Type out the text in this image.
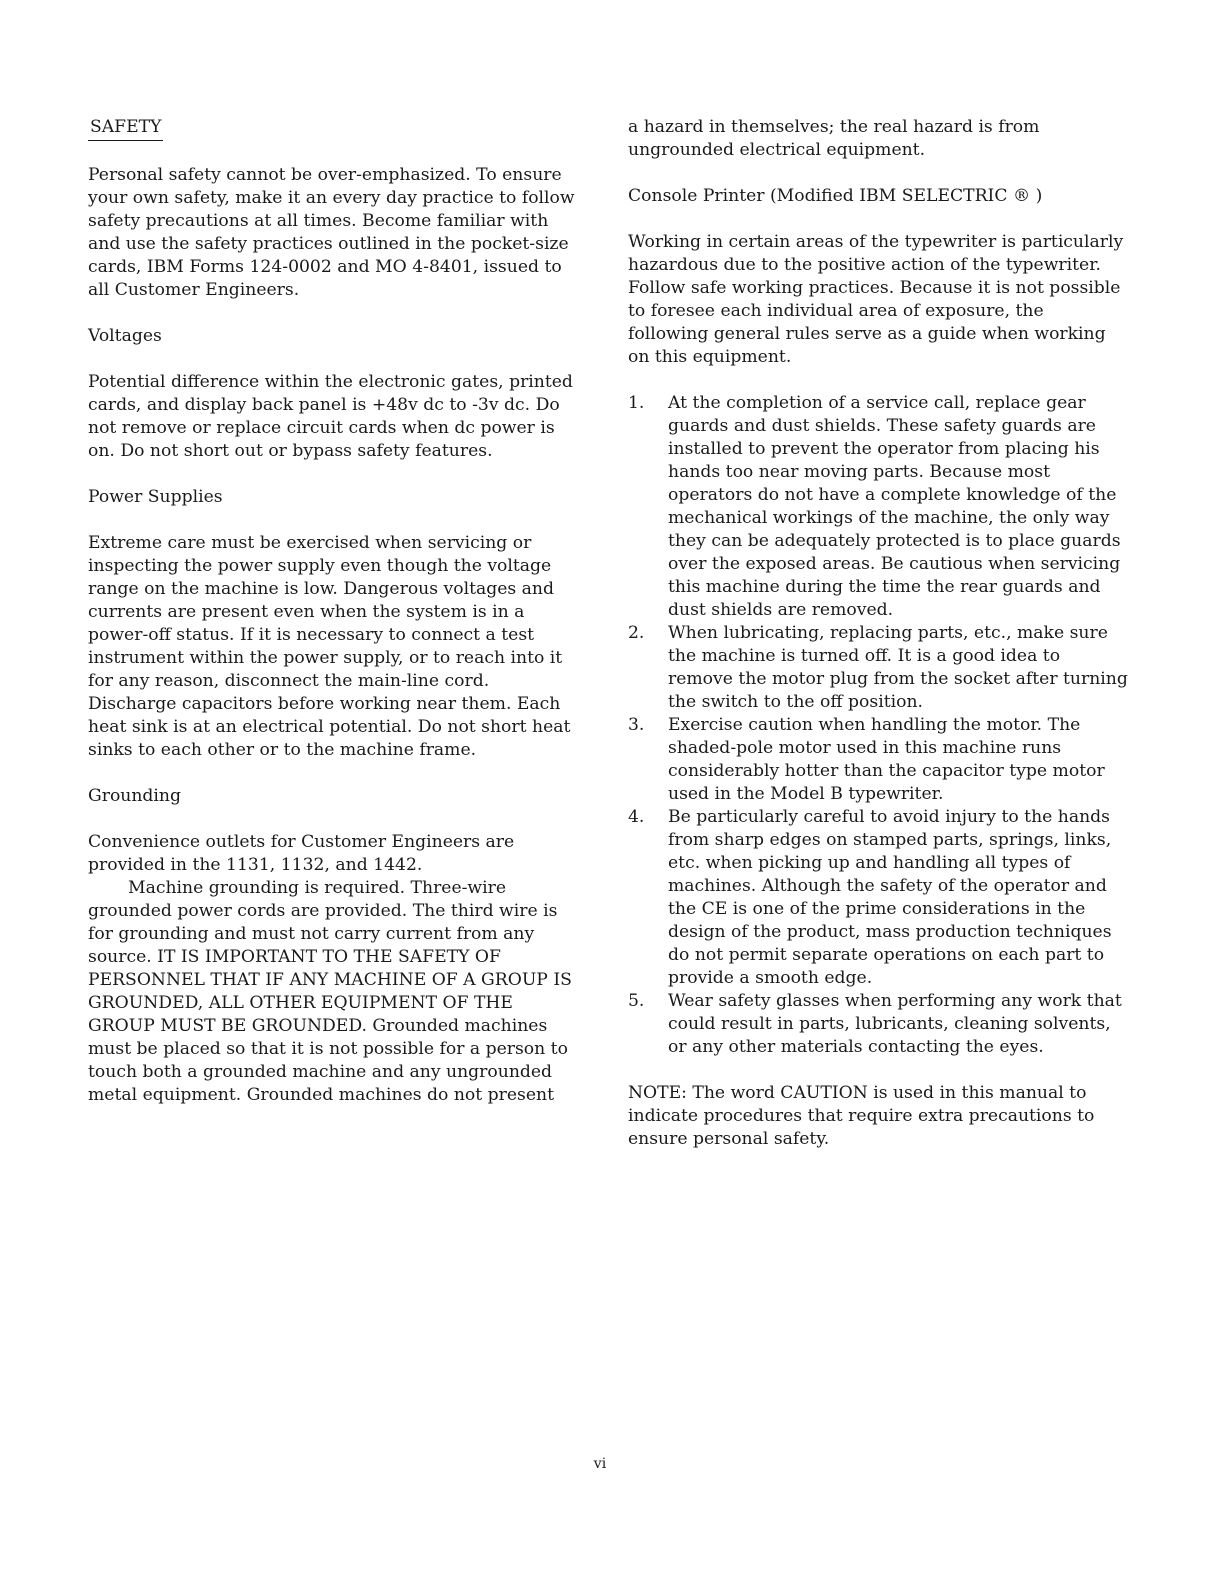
SAFETY

Personal safety cannot be over-emphasized. To ensure your own safety, make it an every day practice to follow safety precautions at all times. Become familiar with and use the safety practices outlined in the pocket-size cards, IBM Forms 124-0002 and MO 4-8401, issued to all Customer Engineers.

Voltages

Potential difference within the electronic gates, printed cards, and display back panel is +48v dc to -3v dc. Do not remove or replace circuit cards when dc power is on. Do not short out or bypass safety features.

Power Supplies

Extreme care must be exercised when servicing or inspecting the power supply even though the voltage range on the machine is low. Dangerous voltages and currents are present even when the system is in a power-off status. If it is necessary to connect a test instrument within the power supply, or to reach into it for any reason, disconnect the main-line cord. Discharge capacitors before working near them. Each heat sink is at an electrical potential. Do not short heat sinks to each other or to the machine frame.

Grounding

Convenience outlets for Customer Engineers are provided in the 1131, 1132, and 1442.

Machine grounding is required. Three-wire grounded power cords are provided. The third wire is for grounding and must not carry current from any source. IT IS IMPORTANT TO THE SAFETY OF PERSONNEL THAT IF ANY MACHINE OF A GROUP IS GROUNDED, ALL OTHER EQUIPMENT OF THE GROUP MUST BE GROUNDED. Grounded machines must be placed so that it is not possible for a person to touch both a grounded machine and any ungrounded metal equipment. Grounded machines do not present

a hazard in themselves; the real hazard is from ungrounded electrical equipment.

Console Printer (Modified IBM SELECTRIC ® )

Working in certain areas of the typewriter is particularly hazardous due to the positive action of the typewriter. Follow safe working practices. Because it is not possible to foresee each individual area of exposure, the following general rules serve as a guide when working on this equipment.

1. At the completion of a service call, replace gear guards and dust shields. These safety guards are installed to prevent the operator from placing his hands too near moving parts. Because most operators do not have a complete knowledge of the mechanical workings of the machine, the only way they can be adequately protected is to place guards over the exposed areas. Be cautious when servicing this machine during the time the rear guards and dust shields are removed.
2. When lubricating, replacing parts, etc., make sure the machine is turned off. It is a good idea to remove the motor plug from the socket after turning the switch to the off position.
3. Exercise caution when handling the motor. The shaded-pole motor used in this machine runs considerably hotter than the capacitor type motor used in the Model B typewriter.
4. Be particularly careful to avoid injury to the hands from sharp edges on stamped parts, springs, links, etc. when picking up and handling all types of machines. Although the safety of the operator and the CE is one of the prime considerations in the design of the product, mass production techniques do not permit separate operations on each part to provide a smooth edge.
5. Wear safety glasses when performing any work that could result in parts, lubricants, cleaning solvents, or any other materials contacting the eyes.

NOTE: The word CAUTION is used in this manual to indicate procedures that require extra precautions to ensure personal safety.

vi
